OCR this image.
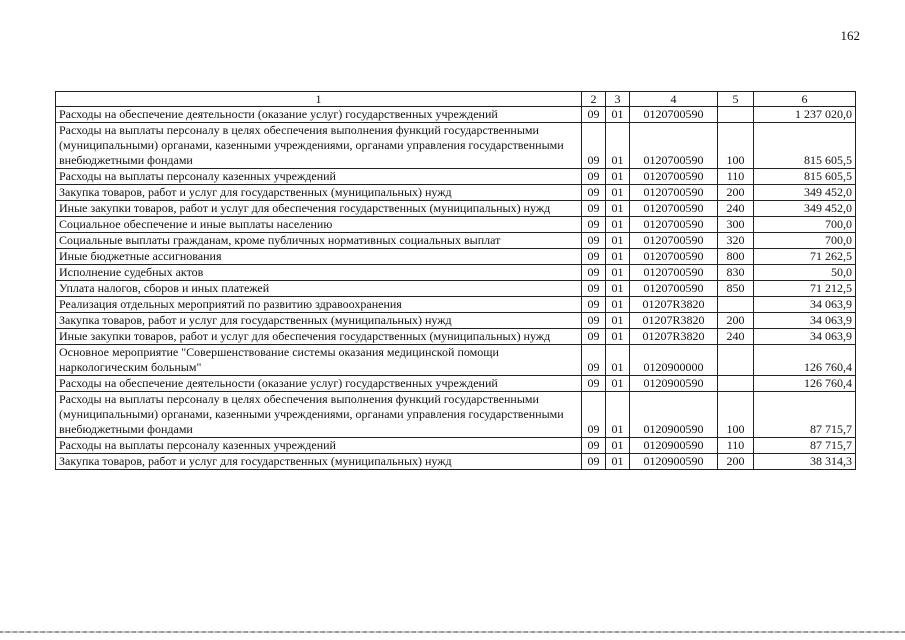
162
1	2	3	4	5	6
Расходы на обеспечение деятельности (оказание услуг) государственных учреждений	09	01	0120700590		1 237 020,0
Расходы на выплаты персоналу в целях обеспечения выполнения функций государственными (муниципальными) органами, казенными учреждениями, органами управления государственными внебюджетными фондами	09	01	0120700590	100	815 605,5
Расходы на выплаты персоналу казенных учреждений	09	01	0120700590	110	815 605,5
Закупка товаров, работ и услуг для государственных (муниципальных) нужд	09	01	0120700590	200	349 452,0
Иные закупки товаров, работ и услуг для обеспечения государственных (муниципальных) нужд	09	01	0120700590	240	349 452,0
Социальное обеспечение и иные выплаты населению	09	01	0120700590	300	700,0
Социальные выплаты гражданам, кроме публичных нормативных социальных выплат	09	01	0120700590	320	700,0
Иные бюджетные ассигнования	09	01	0120700590	800	71 262,5
Исполнение судебных актов	09	01	0120700590	830	50,0
Уплата налогов, сборов и иных платежей	09	01	0120700590	850	71 212,5
Реализация отдельных мероприятий по развитию здравоохранения	09	01	01207R3820		34 063,9
Закупка товаров, работ и услуг для государственных (муниципальных) нужд	09	01	01207R3820	200	34 063,9
Иные закупки товаров, работ и услуг для обеспечения государственных (муниципальных) нужд	09	01	01207R3820	240	34 063,9
Основное мероприятие "Совершенствование системы оказания медицинской помощи наркологическим больным"	09	01	0120900000		126 760,4
Расходы на обеспечение деятельности (оказание услуг) государственных учреждений	09	01	0120900590		126 760,4
Расходы на выплаты персоналу в целях обеспечения выполнения функций государственными (муниципальными) органами, казенными учреждениями, органами управления государственными внебюджетными фондами	09	01	0120900590	100	87 715,7
Расходы на выплаты персоналу казенных учреждений	09	01	0120900590	110	87 715,7
Закупка товаров, работ и услуг для государственных (муниципальных) нужд	09	01	0120900590	200	38 314,3
